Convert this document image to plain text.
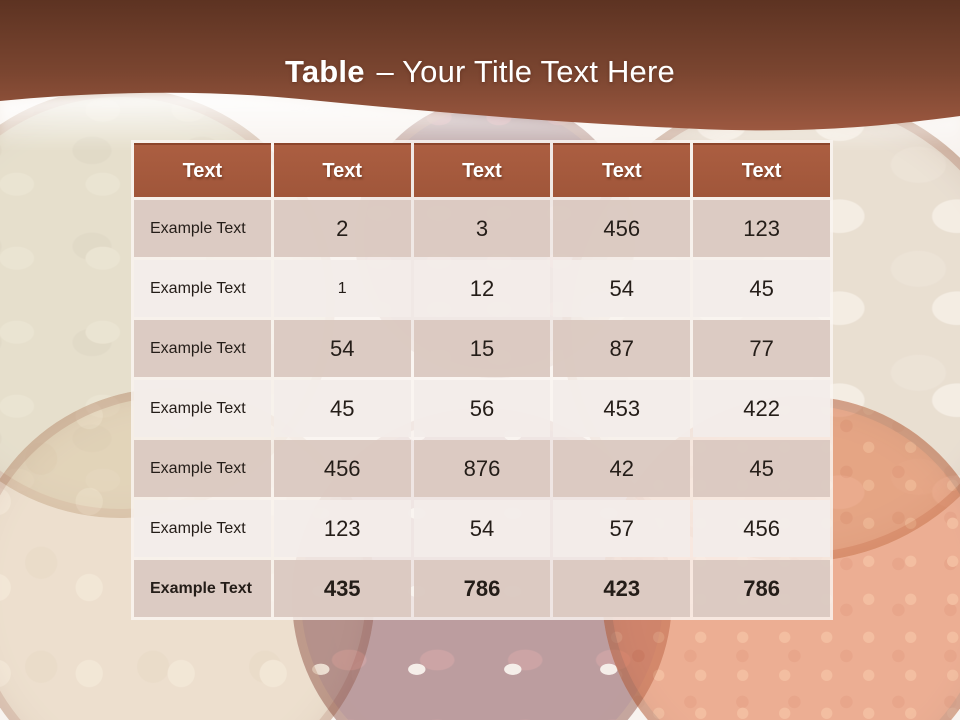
Table – Your Title Text Here
Text	Text	Text	Text	Text
Example Text	2	3	456	123
Example Text	1	12	54	45
Example Text	54	15	87	77
Example Text	45	56	453	422
Example Text	456	876	42	45
Example Text	123	54	57	456
Example Text	435	786	423	786
